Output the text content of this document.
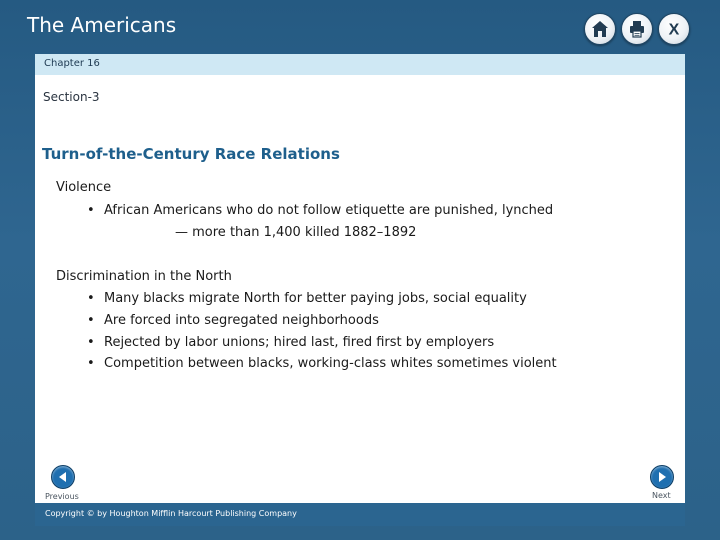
The Americans	X
Chapter 16
Section-3
Turn-of-the-Century Race Relations
Violence
• African Americans who do not follow etiquette are punished, lynched
— more than 1,400 killed 1882–1892
Discrimination in the North
• Many blacks migrate North for better paying jobs, social equality
• Are forced into segregated neighborhoods
• Rejected by labor unions; hired last, fired first by employers
• Competition between blacks, working-class whites sometimes violent
Previous	Next
Copyright © by Houghton Mifflin Harcourt Publishing Company
